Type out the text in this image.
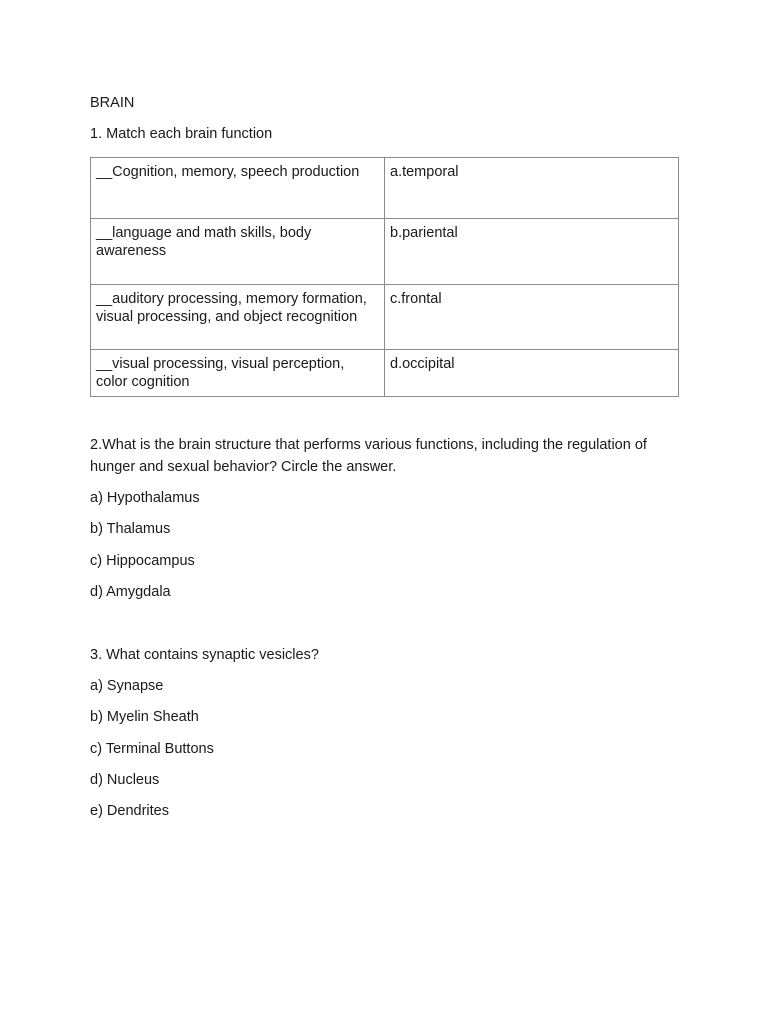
BRAIN
1. Match each brain function
__Cognition, memory, speech production	a.temporal
__language and math skills, body awareness	b.pariental
__auditory processing, memory formation, visual processing, and object recognition	c.frontal
__visual processing, visual perception, color cognition	d.occipital
2.What is the brain structure that performs various functions, including the regulation of hunger and sexual behavior? Circle the answer.
a) Hypothalamus
b) Thalamus
c) Hippocampus
d) Amygdala
3. What contains synaptic vesicles?
a) Synapse
b) Myelin Sheath
c) Terminal Buttons
d) Nucleus
e) Dendrites
